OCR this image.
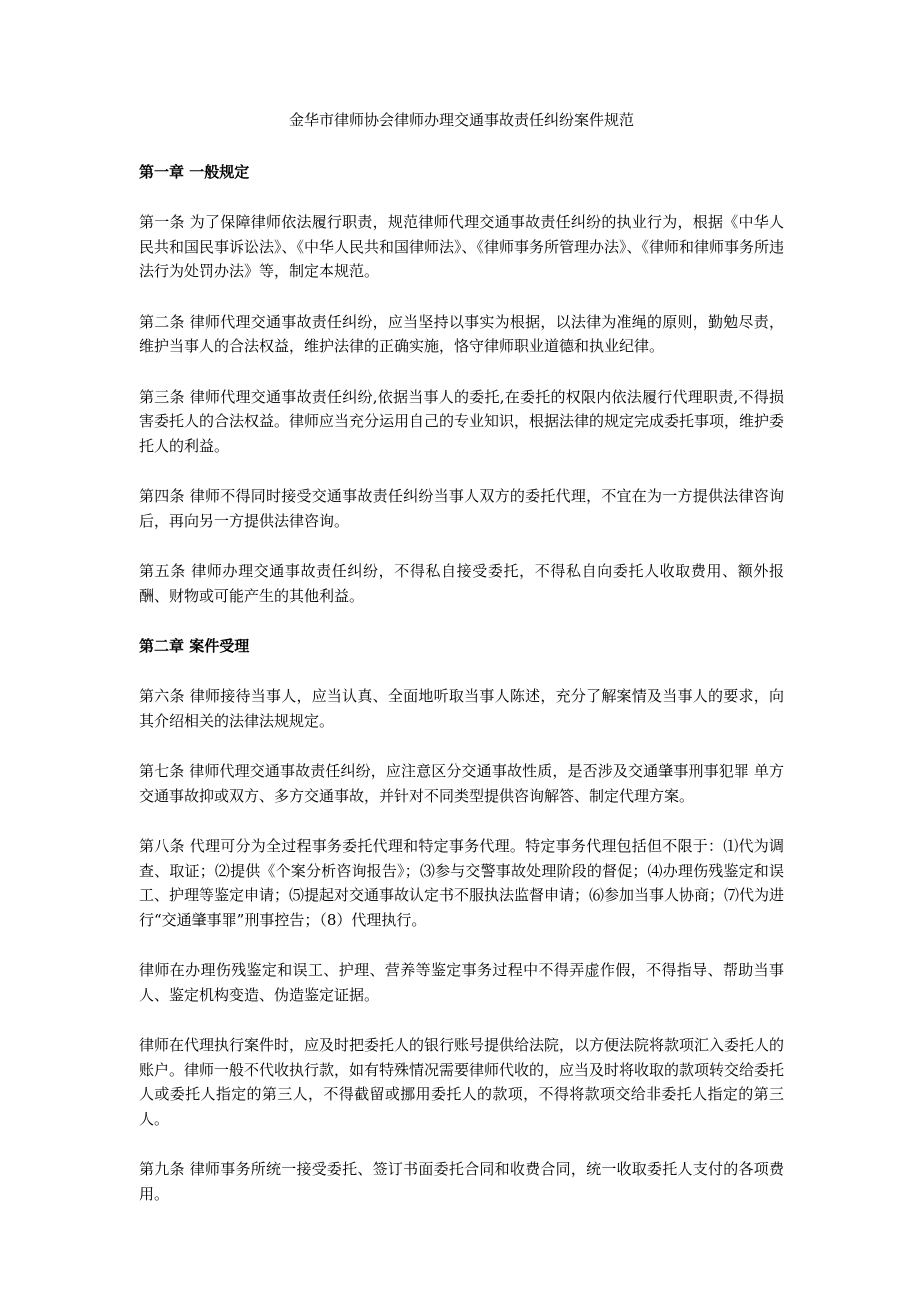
金华市律师协会律师办理交通事故责任纠纷案件规范

第一章 一般规定

第一条 为了保障律师依法履行职责，规范律师代理交通事故责任纠纷的执业行为，根据《中华人民共和国民事诉讼法》、《中华人民共和国律师法》、《律师事务所管理办法》、《律师和律师事务所违法行为处罚办法》等，制定本规范。

第二条 律师代理交通事故责任纠纷，应当坚持以事实为根据，以法律为准绳的原则，勤勉尽责，维护当事人的合法权益，维护法律的正确实施，恪守律师职业道德和执业纪律。

第三条 律师代理交通事故责任纠纷,依据当事人的委托,在委托的权限内依法履行代理职责,不得损害委托人的合法权益。律师应当充分运用自己的专业知识，根据法律的规定完成委托事项，维护委托人的利益。

第四条 律师不得同时接受交通事故责任纠纷当事人双方的委托代理，不宜在为一方提供法律咨询后，再向另一方提供法律咨询。

第五条 律师办理交通事故责任纠纷，不得私自接受委托，不得私自向委托人收取费用、额外报酬、财物或可能产生的其他利益。

第二章 案件受理

第六条 律师接待当事人，应当认真、全面地听取当事人陈述，充分了解案情及当事人的要求，向其介绍相关的法律法规规定。

第七条 律师代理交通事故责任纠纷，应注意区分交通事故性质，是否涉及交通肇事刑事犯罪 单方交通事故抑或双方、多方交通事故，并针对不同类型提供咨询解答、制定代理方案。

第八条 代理可分为全过程事务委托代理和特定事务代理。特定事务代理包括但不限于：⑴代为调查、取证；⑵提供《个案分析咨询报告》；⑶参与交警事故处理阶段的督促；⑷办理伤残鉴定和误工、护理等鉴定申请；⑸提起对交通事故认定书不服执法监督申请；⑹参加当事人协商；⑺代为进行“交通肇事罪”刑事控告；（8）代理执行。

律师在办理伤残鉴定和误工、护理、营养等鉴定事务过程中不得弄虚作假，不得指导、帮助当事人、鉴定机构变造、伪造鉴定证据。

律师在代理执行案件时，应及时把委托人的银行账号提供给法院，以方便法院将款项汇入委托人的账户。律师一般不代收执行款，如有特殊情况需要律师代收的，应当及时将收取的款项转交给委托人或委托人指定的第三人，不得截留或挪用委托人的款项，不得将款项交给非委托人指定的第三人。

第九条 律师事务所统一接受委托、签订书面委托合同和收费合同，统一收取委托人支付的各项费用。
